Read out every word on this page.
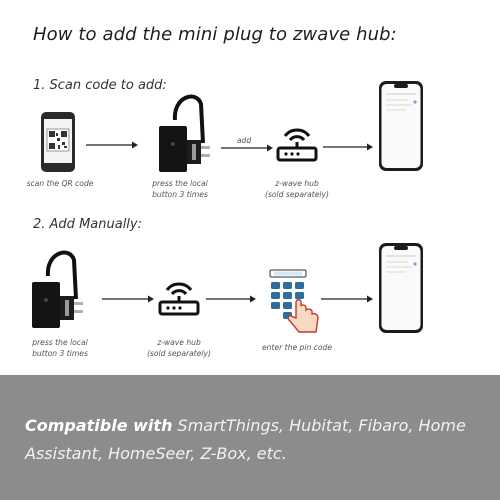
How to add the mini plug to zwave hub:
1. Scan code to add:
scan the QR code	press the local
button 3 times
add
z-wave hub
(sold separately)
2. Add Manually:
press the local
button 3 times
z-wave hub
(sold separately)
enter the pin code
Compatible with SmartThings, Hubitat, Fibaro, Home Assistant, HomeSeer, Z-Box, etc.
